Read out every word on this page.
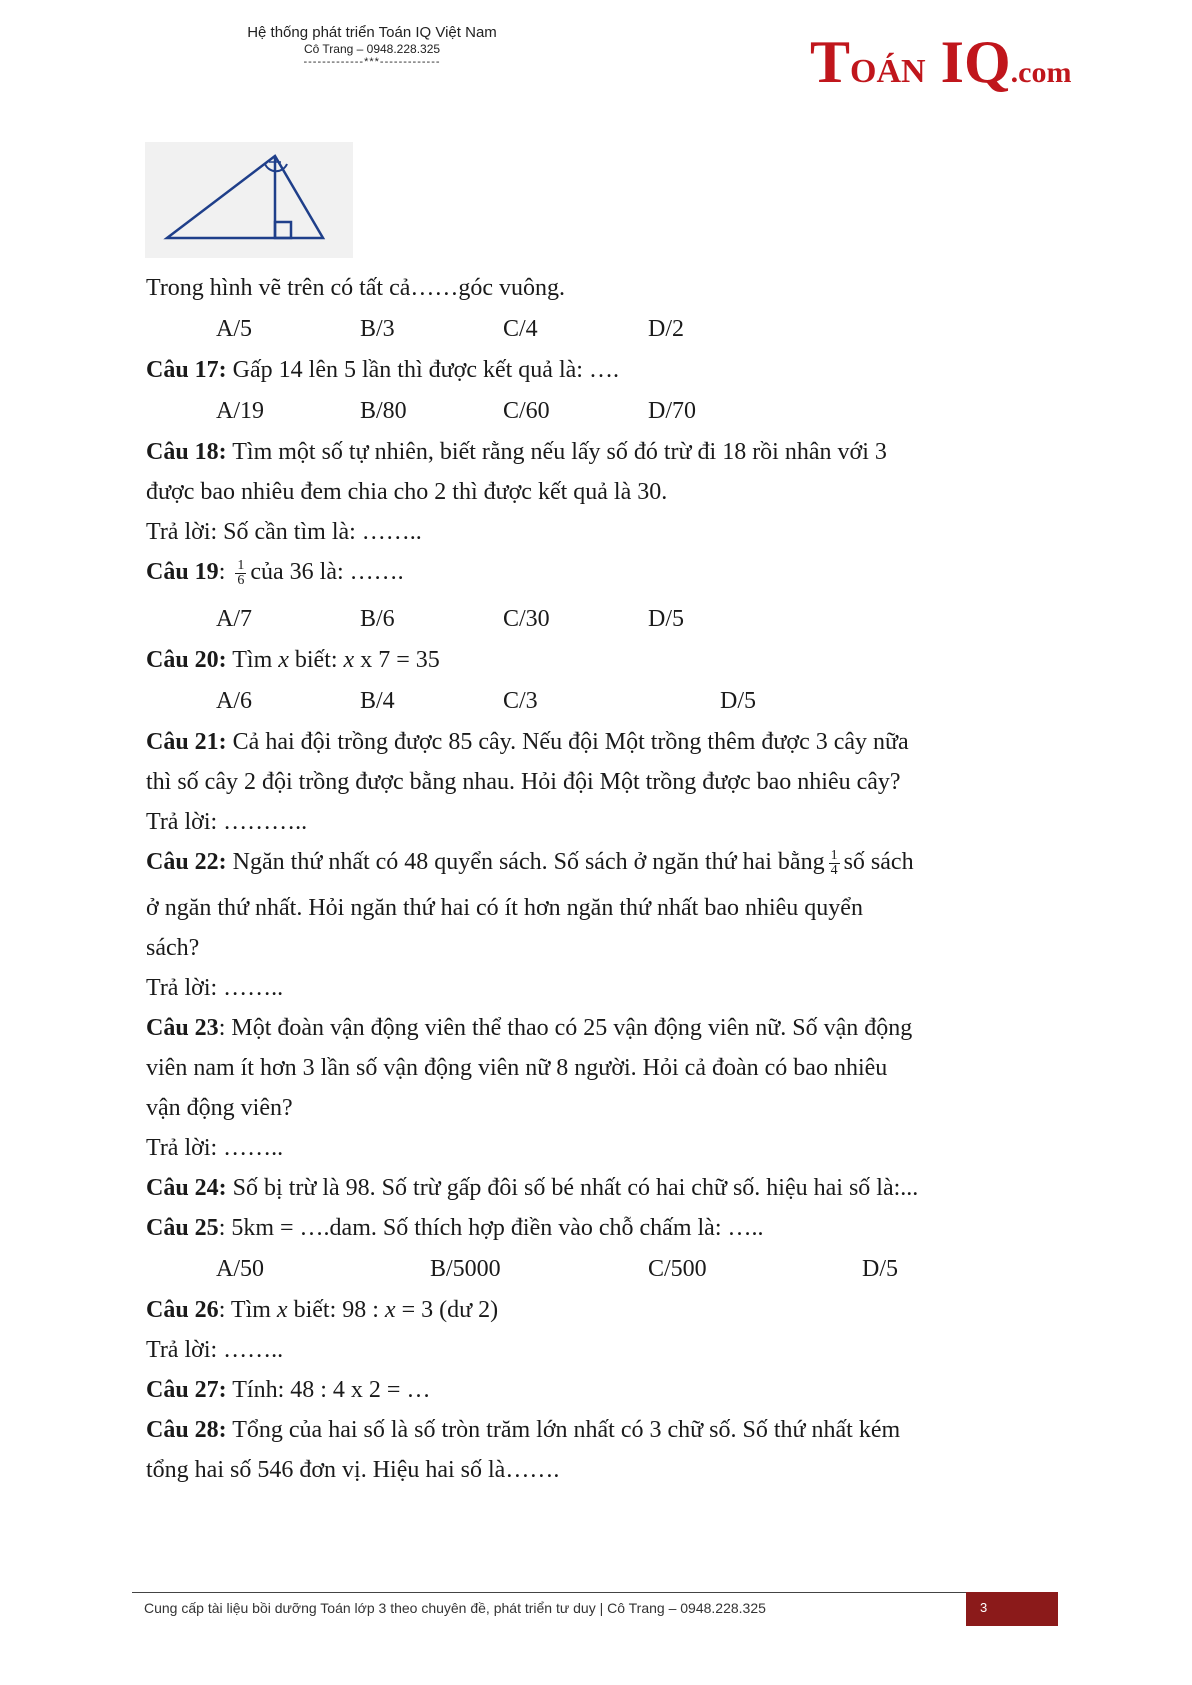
Hệ thống phát triển Toán IQ Việt Nam
Cô Trang – 0948.228.325
-------------***-------------	TOÁN IQ.com
Trong hình vẽ trên có tất cả……góc vuông.
A/5	B/3	C/4	D/2
Câu 17: Gấp 14 lên 5 lần thì được kết quả là: ….
A/19	B/80	C/60	D/70
Câu 18: Tìm một số tự nhiên, biết rằng nếu lấy số đó trừ đi 18 rồi nhân với 3
được bao nhiêu đem chia cho 2 thì được kết quả là 30.
Trả lời: Số cần tìm là: ……..
Câu 19: $\frac{1}{6}$ của 36 là: …….
A/7	B/6	C/30	D/5
Câu 20: Tìm x biết: x x 7 = 35
A/6	B/4	C/3	D/5
Câu 21: Cả hai đội trồng được 85 cây. Nếu đội Một trồng thêm được 3 cây nữa
thì số cây 2 đội trồng được bằng nhau. Hỏi đội Một trồng được bao nhiêu cây?
Trả lời: ………..
Câu 22: Ngăn thứ nhất có 48 quyển sách. Số sách ở ngăn thứ hai bằng $\frac{1}{4}$ số sách
ở ngăn thứ nhất. Hỏi ngăn thứ hai có ít hơn ngăn thứ nhất bao nhiêu quyển
sách?
Trả lời: ……..
Câu 23: Một đoàn vận động viên thể thao có 25 vận động viên nữ. Số vận động
viên nam ít hơn 3 lần số vận động viên nữ 8 người. Hỏi cả đoàn có bao nhiêu
vận động viên?
Trả lời: ……..
Câu 24: Số bị trừ là 98. Số trừ gấp đôi số bé nhất có hai chữ số. hiệu hai số là:...
Câu 25: 5km = ….dam. Số thích hợp điền vào chỗ chấm là: …..
A/50	B/5000	C/500	D/5
Câu 26: Tìm x biết: 98 : x = 3 (dư 2)
Trả lời: ……..
Câu 27: Tính: 48 : 4 x 2 = …
Câu 28: Tổng của hai số là số tròn trăm lớn nhất có 3 chữ số. Số thứ nhất kém
tổng hai số 546 đơn vị. Hiệu hai số là…….
Cung cấp tài liệu bồi dưỡng Toán lớp 3 theo chuyên đề, phát triển tư duy | Cô Trang – 0948.228.325	3
